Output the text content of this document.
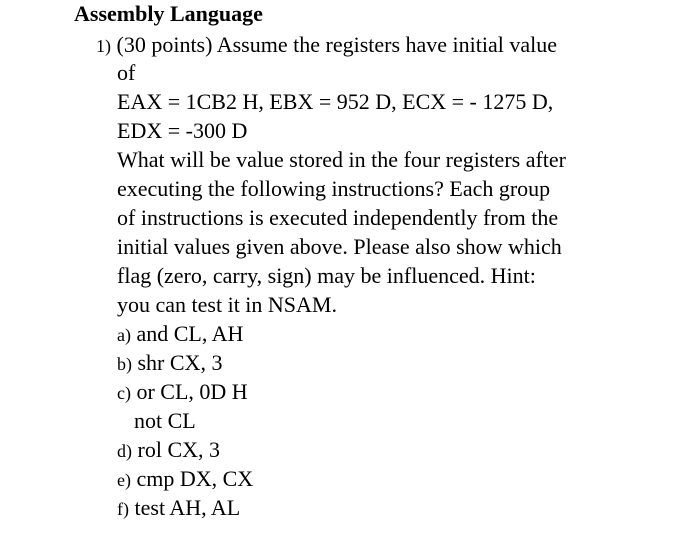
Assembly Language
1) (30 points) Assume the registers have initial value
of
EAX = 1CB2 H, EBX = 952 D, ECX = - 1275 D,
EDX = -300 D
What will be value stored in the four registers after
executing the following instructions? Each group
of instructions is executed independently from the
initial values given above. Please also show which
flag (zero, carry, sign) may be influenced. Hint:
you can test it in NSAM.
a) and CL, AH
b) shr CX, 3
c) or CL, 0D H
not CL
d) rol CX, 3
e) cmp DX, CX
f) test AH, AL
